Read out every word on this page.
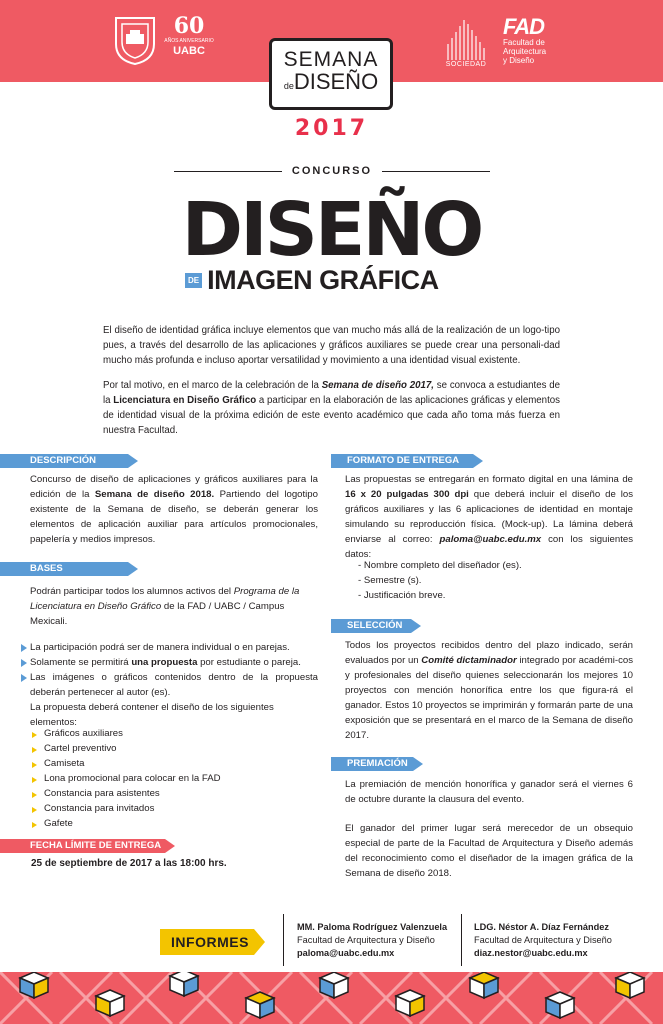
60
AÑOS ANIVERSARIO
UABC
SOCIEDAD
FAD
Facultad de
Arquitectura
y Diseño
SEMANA
deDISEÑO
2017
CONCURSO
DISEÑO
DE IMAGEN GRÁFICA
El diseño de identidad gráfica incluye elementos que van mucho más allá de la realización de un logo-tipo pues, a través del desarrollo de las aplicaciones y gráficos auxiliares se puede crear una personali-dad mucho más profunda e incluso aportar versatilidad y movimiento a una identidad visual existente.
Por tal motivo, en el marco de la celebración de la Semana de diseño 2017, se convoca a estudiantes de la Licenciatura en Diseño Gráfico a participar en la elaboración de las aplicaciones gráficas y elementos de identidad visual de la próxima edición de este evento académico que cada año toma más fuerza en nuestra Facultad.
DESCRIPCIÓN
Concurso de diseño de aplicaciones y gráficos auxiliares para la edición de la Semana de diseño 2018. Partiendo del logotipo existente de la Semana de diseño, se deberán generar los elementos de aplicación auxiliar para artículos promocionales, papelería y medios impresos.
BASES
Podrán participar todos los alumnos activos del Programa de la Licenciatura en Diseño Gráfico de la FAD / UABC / Campus Mexicali.
La participación podrá ser de manera individual o en parejas.
Solamente se permitirá una propuesta por estudiante o pareja.
Las imágenes o gráficos contenidos dentro de la propuesta deberán pertenecer al autor (es).
La propuesta deberá contener el diseño de los siguientes elementos:
Gráficos auxiliares
Cartel preventivo
Camiseta
Lona promocional para colocar en la FAD
Constancia para asistentes
Constancia para invitados
Gafete
FECHA LÍMITE DE ENTREGA
25 de septiembre de 2017 a las 18:00 hrs.
FORMATO DE ENTREGA
Las propuestas se entregarán en formato digital en una lámina de 16 x 20 pulgadas 300 dpi que deberá incluir el diseño de los gráficos auxiliares y las 6 aplicaciones de identidad en montaje simulando su reproducción física. (Mock-up). La lámina deberá enviarse al correo: paloma@uabc.edu.mx con los siguientes datos:
- Nombre completo del diseñador (es).
- Semestre (s).
- Justificación breve.
SELECCIÓN
Todos los proyectos recibidos dentro del plazo indicado, serán evaluados por un Comité dictaminador integrado por académi-cos y profesionales del diseño quienes seleccionarán los mejores 10 proyectos con mención honorífica entre los que figura-rá el ganador. Estos 10 proyectos se imprimirán y formarán parte de una exposición que se presentará en el marco de la Semana de diseño 2017.
PREMIACIÓN
La premiación de mención honorífica y ganador será el viernes 6 de octubre durante la clausura del evento.
El ganador del primer lugar será merecedor de un obsequio especial de parte de la Facultad de Arquitectura y Diseño además del reconocimiento como el diseñador de la imagen gráfica de la Semana de diseño 2018.
INFORMES
MM. Paloma Rodríguez Valenzuela
Facultad de Arquitectura y Diseño
paloma@uabc.edu.mx
LDG. Néstor A. Díaz Fernández
Facultad de Arquitectura y Diseño
diaz.nestor@uabc.edu.mx
